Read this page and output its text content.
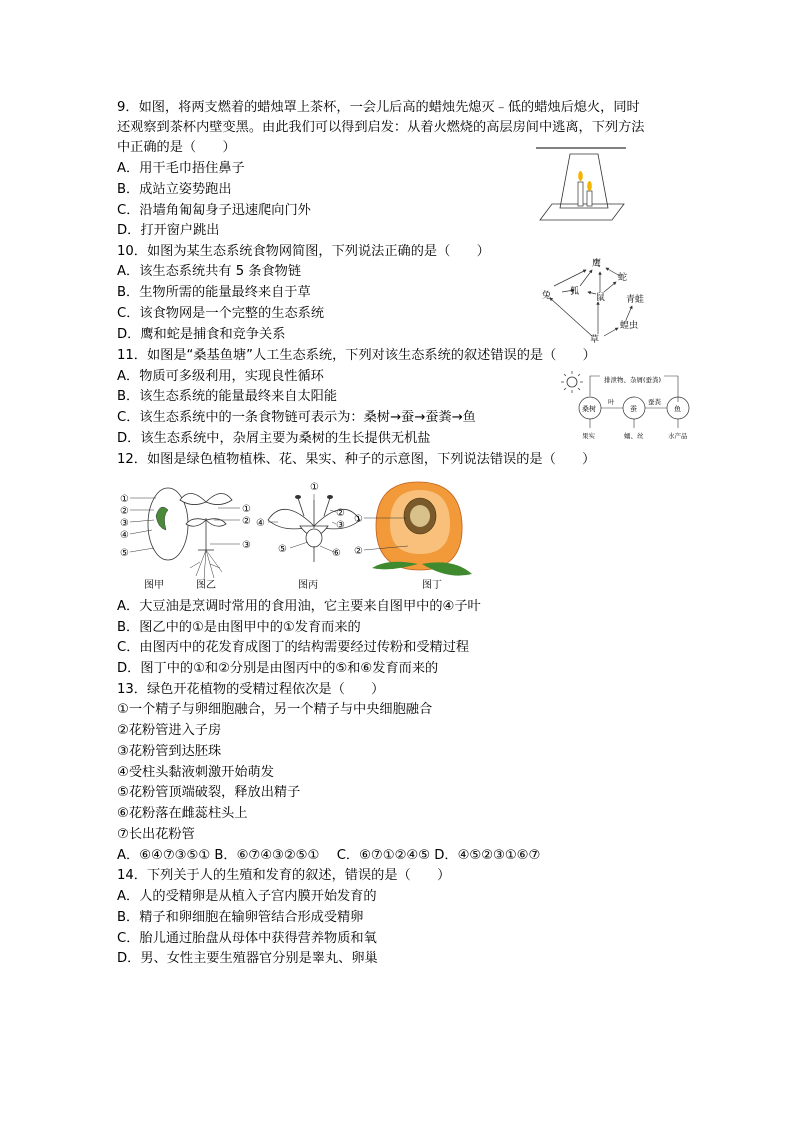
9．如图，将两支燃着的蜡烛罩上茶杯，一会儿后高的蜡烛先熄灭﹣低的蜡烛后熄火，同时
还观察到茶杯内壁变黑。由此我们可以得到启发：从着火燃烧的高层房间中逃离，下列方法
中正确的是（　　）
A．用干毛巾捂住鼻子
B．成站立姿势跑出
C．沿墙角匍匐身子迅速爬向门外
D．打开窗户跳出
10．如图为某生态系统食物网简图，下列说法正确的是（　　）
A．该生态系统共有 5 条食物链
B．生物所需的能量最终来自于草
C．该食物网是一个完整的生态系统
D．鹰和蛇是捕食和竞争关系
鹰
蛇
兔 狐
鼠 青蛙
草
蝗虫
11．如图是“桑基鱼塘”人工生态系统，下列对该生态系统的叙述错误的是（　　）
A．物质可多级利用，实现良性循环
B．该生态系统的能量最终来自太阳能
C．该生态系统中的一条食物链可表示为：桑树→蚕→蚕粪→鱼
D．该生态系统中，杂屑主要为桑树的生长提供无机盐
排泄物、杂屑(蚕粪)
桑树	蚕	鱼
叶	蚕粪
果实	蛹、丝	水产品
12．如图是绿色植物植株、花、果实、种子的示意图，下列说法错误的是（　　）
①
②
③
④
⑤
图甲
①
②
③
图乙
①
②
③
④
⑤	⑥
图丙
①
②
图丁
A．大豆油是烹调时常用的食用油，它主要来自图甲中的④子叶
B．图乙中的①是由图甲中的①发育而来的
C．由图丙中的花发育成图丁的结构需要经过传粉和受精过程
D．图丁中的①和②分别是由图丙中的⑤和⑥发育而来的
13．绿色开花植物的受精过程依次是（　　）
①一个精子与卵细胞融合，另一个精子与中央细胞融合
②花粉管进入子房
③花粉管到达胚珠
④受柱头黏液刺激开始萌发
⑤花粉管顶端破裂，释放出精子
⑥花粉落在雌蕊柱头上
⑦长出花粉管
A．⑥④⑦③⑤① B．⑥⑦④③②⑤①　 C．⑥⑦①②④⑤ D．④⑤②③①⑥⑦
14．下列关于人的生殖和发育的叙述，错误的是（　　）
A．人的受精卵是从植入子宫内膜开始发育的
B．精子和卵细胞在输卵管结合形成受精卵
C．胎儿通过胎盘从母体中获得营养物质和氧
D．男、女性主要生殖器官分别是睾丸、卵巢
